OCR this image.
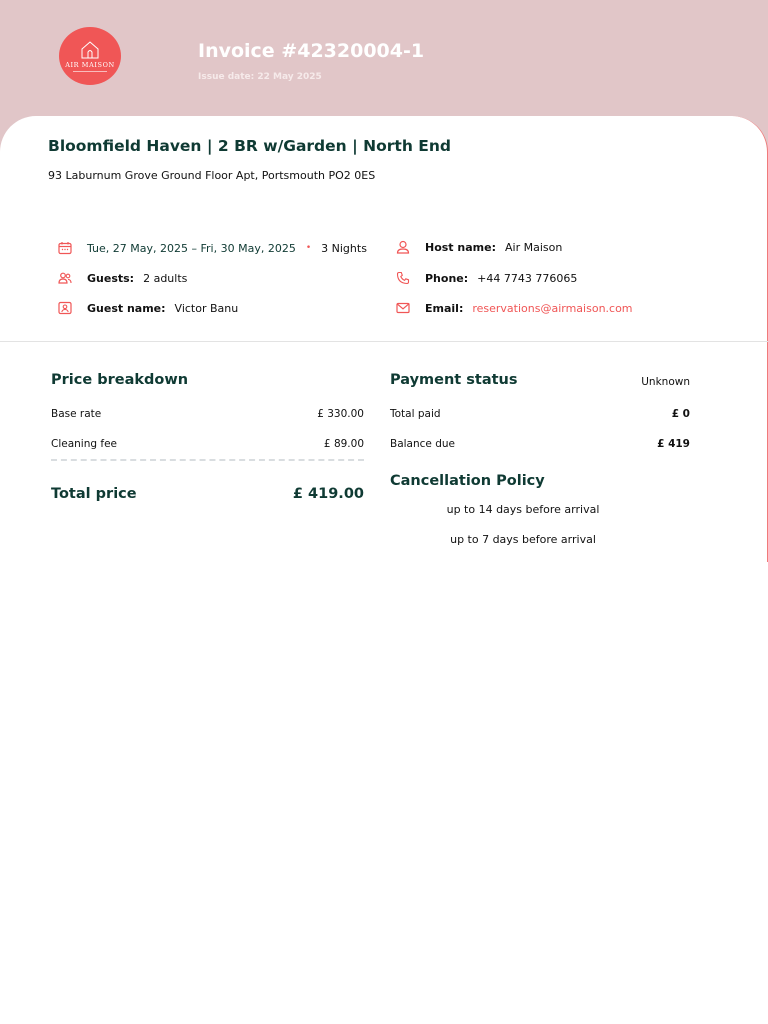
AIR MAISON
Invoice #42320004-1
Issue date: 22 May 2025
Bloomfield Haven | 2 BR w/Garden | North End
93 Laburnum Grove Ground Floor Apt, Portsmouth PO2 0ES
Tue, 27 May, 2025 – Fri, 30 May, 2025 • 3 Nights
Guests: 2 adults
Guest name: Victor Banu
Host name: Air Maison
Phone: +44 7743 776065
Email: reservations@airmaison.com
Price breakdown
Base rate	£ 330.00
Cleaning fee	£ 89.00
Total price	£ 419.00
Payment status	Unknown
Total paid	£ 0
Balance due	£ 419
Cancellation Policy
up to 14 days before arrival
up to 7 days before arrival
